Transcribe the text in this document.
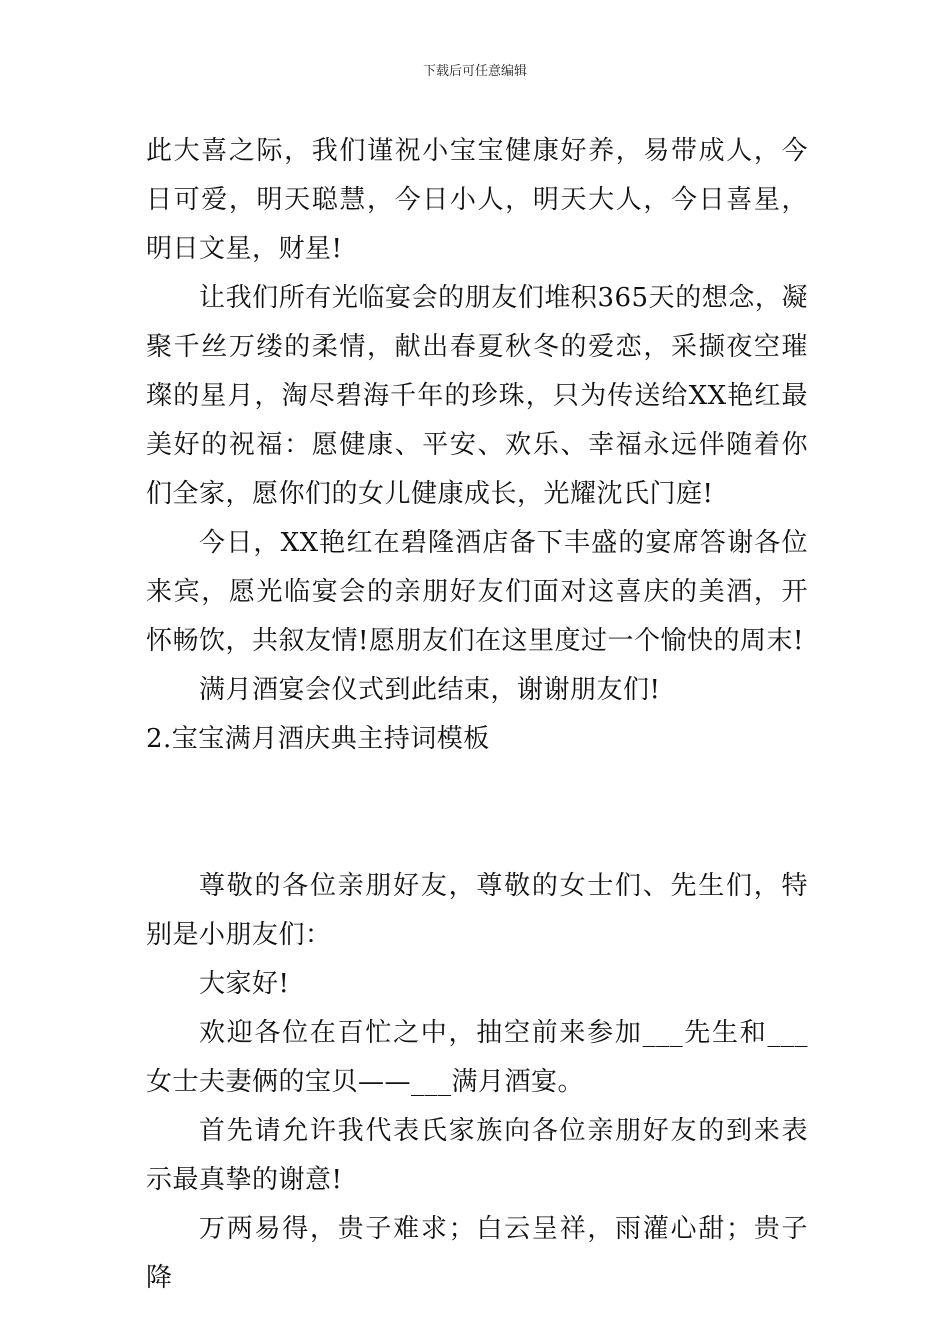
下载后可任意编辑

此大喜之际，我们谨祝小宝宝健康好养，易带成人，今日可爱，明天聪慧，今日小人，明天大人，今日喜星，明日文星，财星!

让我们所有光临宴会的朋友们堆积365天的想念，凝聚千丝万缕的柔情，献出春夏秋冬的爱恋，采撷夜空璀璨的星月，淘尽碧海千年的珍珠，只为传送给XX艳红最美好的祝福：愿健康、平安、欢乐、幸福永远伴随着你们全家，愿你们的女儿健康成长，光耀沈氏门庭!

今日，XX艳红在碧隆酒店备下丰盛的宴席答谢各位来宾，愿光临宴会的亲朋好友们面对这喜庆的美酒，开怀畅饮，共叙友情!愿朋友们在这里度过一个愉快的周末!

满月酒宴会仪式到此结束，谢谢朋友们!

2.宝宝满月酒庆典主持词模板

尊敬的各位亲朋好友，尊敬的女士们、先生们，特别是小朋友们：

大家好!

欢迎各位在百忙之中，抽空前来参加___先生和___女士夫妻俩的宝贝——___满月酒宴。

首先请允许我代表氏家族向各位亲朋好友的到来表示最真挚的谢意!

万两易得，贵子难求；白云呈祥，雨灌心甜；贵子降
